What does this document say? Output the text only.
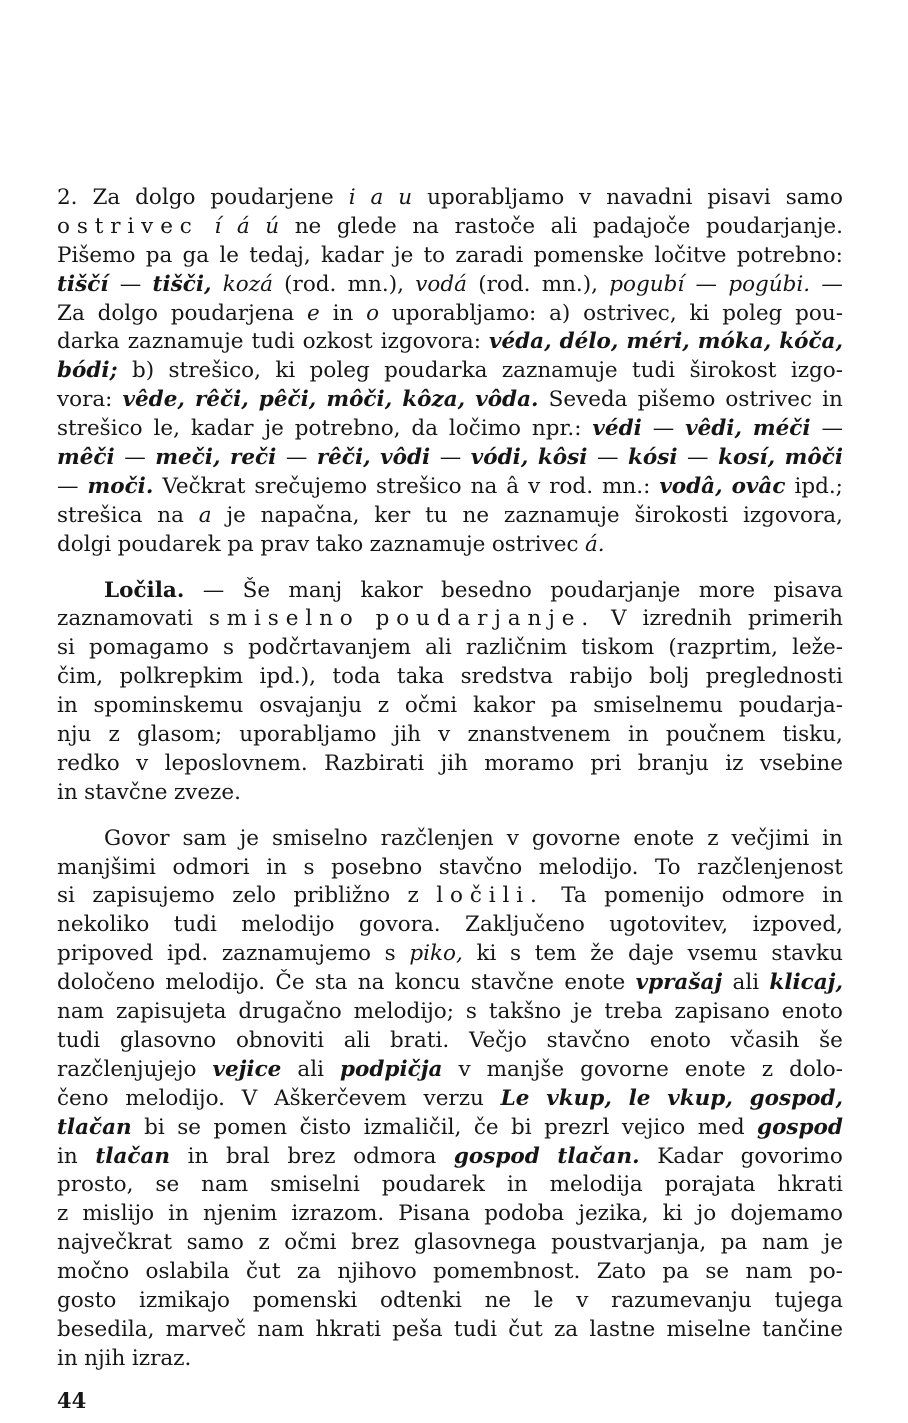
2. Za dolgo poudarjene i a u uporabljamo v navadni pisavi samo
ostrivec í á ú ne glede na rastoče ali padajoče poudarjanje.
Pišemo pa ga le tedaj, kadar je to zaradi pomenske ločitve potrebno:
tiščí — tišči, kozá (rod. mn.), vodá (rod. mn.), pogubí — pogúbi. —
Za dolgo poudarjena e in o uporabljamo: a) ostrivec, ki poleg pou-
darka zaznamuje tudi ozkost izgovora: véda, délo, méri, móka, kóča,
bódi; b) strešico, ki poleg poudarka zaznamuje tudi širokost izgo-
vora: vêde, rêči, pêči, môči, kôza, vôda. Seveda pišemo ostrivec in
strešico le, kadar je potrebno, da ločimo npr.: védi — vêdi, méči —
mêči — meči, reči — rêči, vôdi — vódi, kôsi — kósi — kosí, môči
— moči. Večkrat srečujemo strešico na â v rod. mn.: vodâ, ovâc ipd.;
strešica na a je napačna, ker tu ne zaznamuje širokosti izgovora,
dolgi poudarek pa prav tako zaznamuje ostrivec á.
Ločila. — Še manj kakor besedno poudarjanje more pisava
zaznamovati smiselno poudarjanje. V izrednih primerih
si pomagamo s podčrtavanjem ali različnim tiskom (razprtim, leže-
čim, polkrepkim ipd.), toda taka sredstva rabijo bolj preglednosti
in spominskemu osvajanju z očmi kakor pa smiselnemu poudarja-
nju z glasom; uporabljamo jih v znanstvenem in poučnem tisku,
redko v leposlovnem. Razbirati jih moramo pri branju iz vsebine
in stavčne zveze.
Govor sam je smiselno razčlenjen v govorne enote z večjimi in
manjšimi odmori in s posebno stavčno melodijo. To razčlenjenost
si zapisujemo zelo približno z ločili. Ta pomenijo odmore in
nekoliko tudi melodijo govora. Zaključeno ugotovitev, izpoved,
pripoved ipd. zaznamujemo s piko, ki s tem že daje vsemu stavku
določeno melodijo. Če sta na koncu stavčne enote vprašaj ali klicaj,
nam zapisujeta drugačno melodijo; s takšno je treba zapisano enoto
tudi glasovno obnoviti ali brati. Večjo stavčno enoto včasih še
razčlenjujejo vejice ali podpičja v manjše govorne enote z dolo-
čeno melodijo. V Aškerčevem verzu Le vkup, le vkup, gospod,
tlačan bi se pomen čisto izmaličil, če bi prezrl vejico med gospod
in tlačan in bral brez odmora gospod tlačan. Kadar govorimo
prosto, se nam smiselni poudarek in melodija porajata hkrati
z mislijo in njenim izrazom. Pisana podoba jezika, ki jo dojemamo
največkrat samo z očmi brez glasovnega poustvarjanja, pa nam je
močno oslabila čut za njihovo pomembnost. Zato pa se nam po-
gosto izmikajo pomenski odtenki ne le v razumevanju tujega
besedila, marveč nam hkrati peša tudi čut za lastne miselne tančine
in njih izraz.
44
